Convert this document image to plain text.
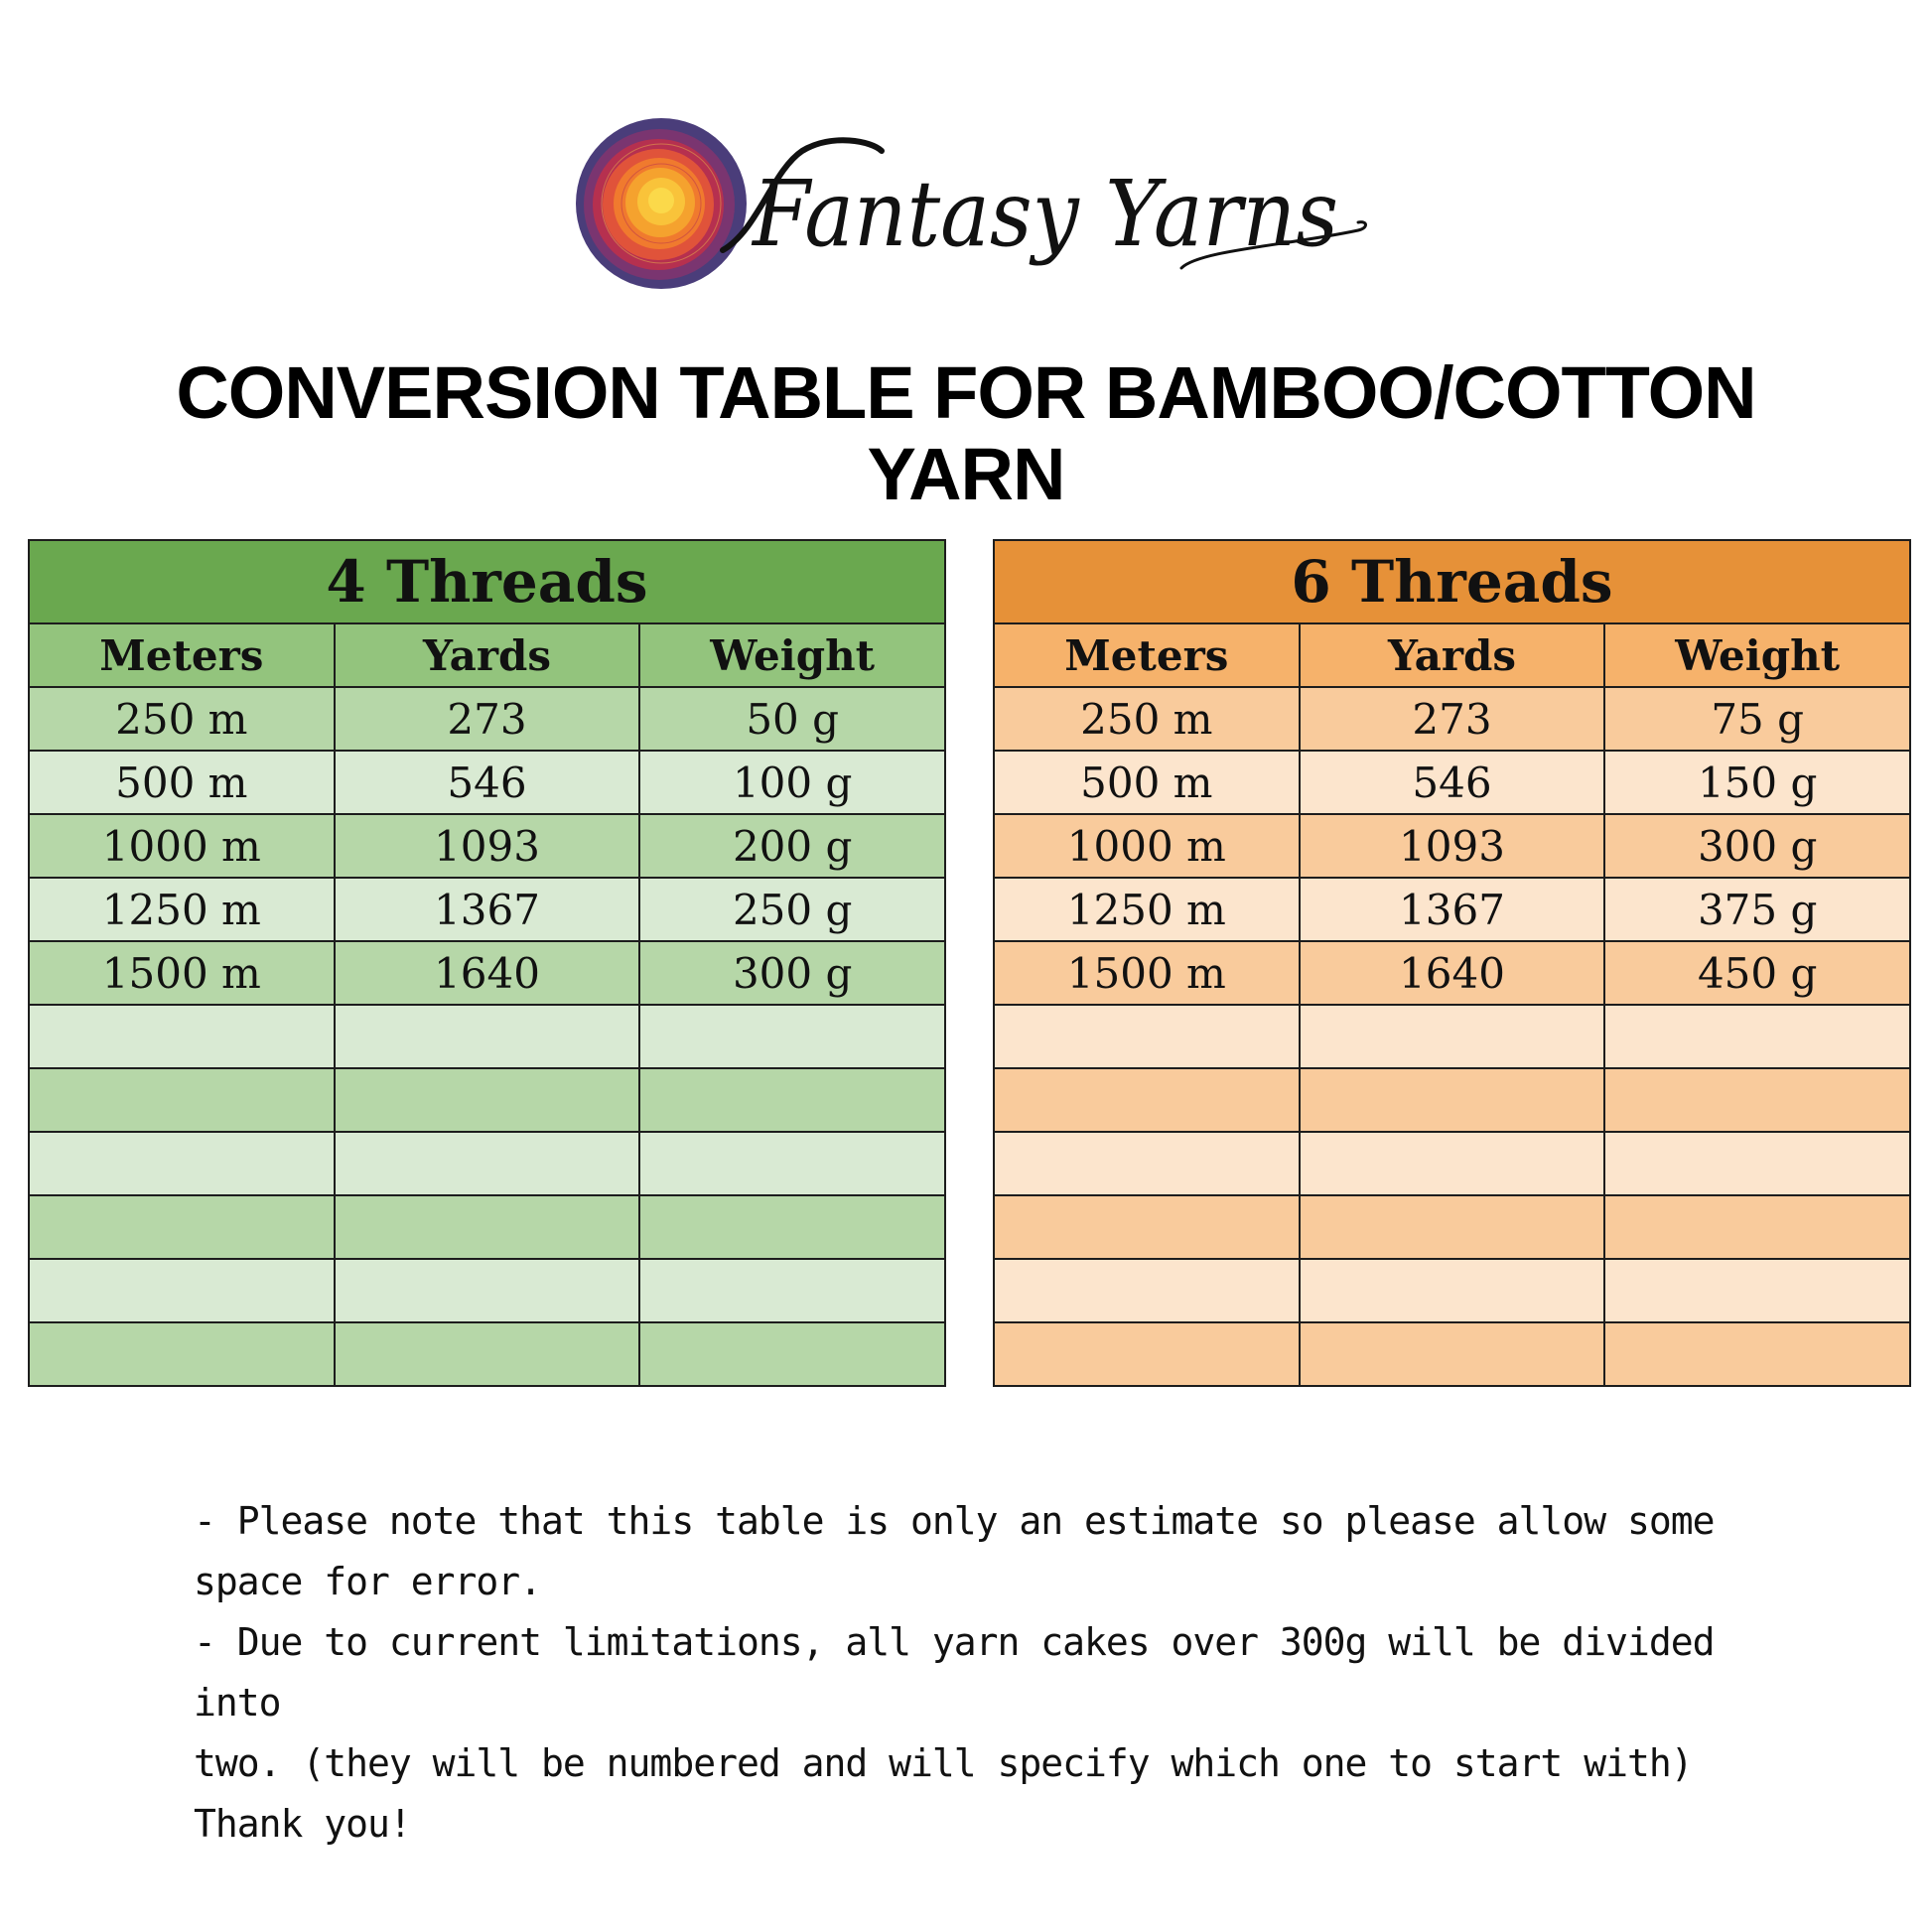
Fantasy Yarns
CONVERSION TABLE FOR BAMBOO/COTTON
YARN
4 Threads		
Meters	Yards	Weight
250 m	273	50 g
500 m	546	100 g
1000 m	1093	200 g
1250 m	1367	250 g
1500 m	1640	300 g

6 Threads		
Meters	Yards	Weight
250 m	273	75 g
500 m	546	150 g
1000 m	1093	300 g
1250 m	1367	375 g
1500 m	1640	450 g

- Please note that this table is only an estimate so please allow some

space for error.

- Due to current limitations, all yarn cakes over 300g will be divided into

two. (they will be numbered and will specify which one to start with)

Thank you!
